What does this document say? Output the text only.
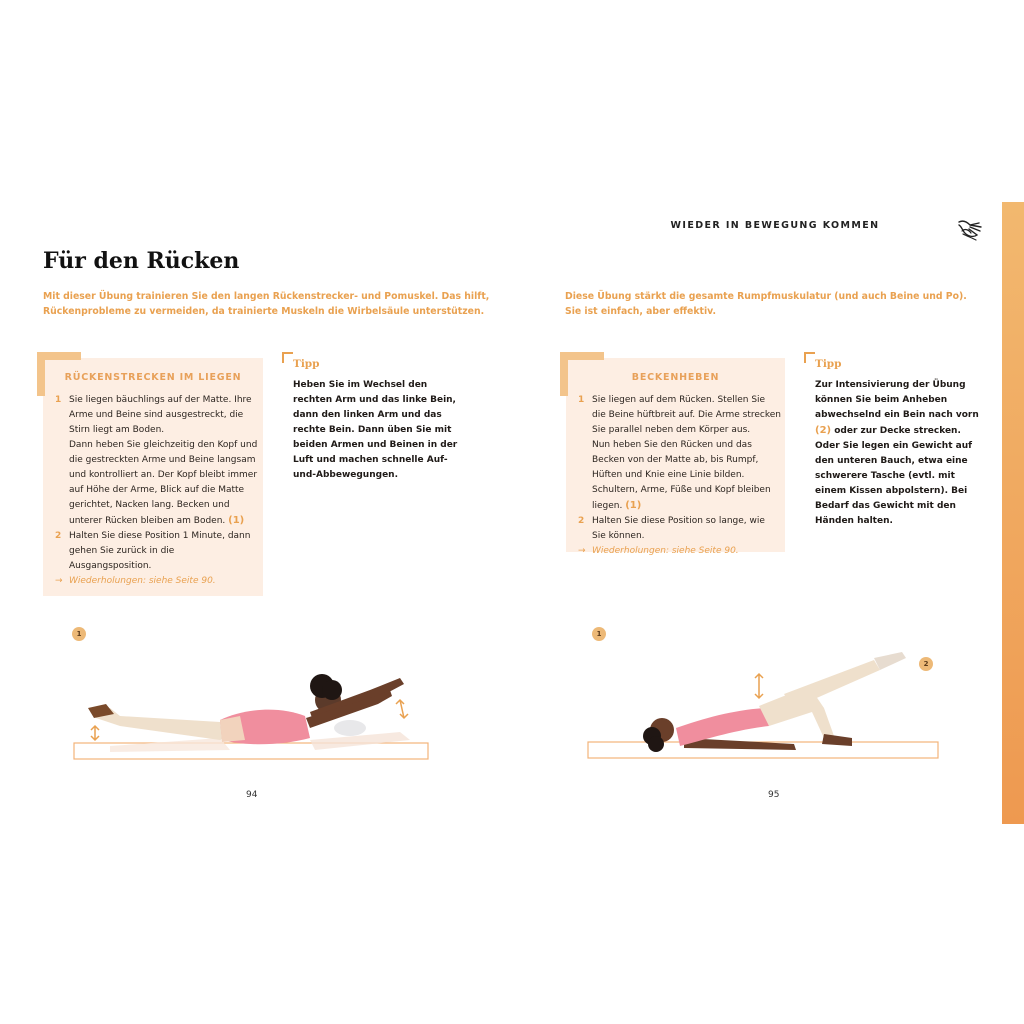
WIEDER IN BEWEGUNG KOMMEN
Für den Rücken
Mit dieser Übung trainieren Sie den langen Rückenstrecker- und Pomuskel. Das hilft, Rückenprobleme zu vermeiden, da trainierte Muskeln die Wirbelsäule unterstützen.
RÜCKENSTRECKEN IM LIEGEN
1 Sie liegen bäuchlings auf der Matte. Ihre Arme und Beine sind ausgestreckt, die Stirn liegt am Boden.
Dann heben Sie gleichzeitig den Kopf und die gestreckten Arme und Beine langsam und kontrolliert an. Der Kopf bleibt immer auf Höhe der Arme, Blick auf die Matte gerichtet, Nacken lang. Becken und unterer Rücken bleiben am Boden. (1)
2 Halten Sie diese Position 1 Minute, dann gehen Sie zurück in die Ausgangsposition.
→ Wiederholungen: siehe Seite 90.
Tipp
Heben Sie im Wechsel den rechten Arm und das linke Bein, dann den linken Arm und das rechte Bein. Dann üben Sie mit beiden Armen und Beinen in der Luft und machen schnelle Auf-und-Abbewegungen.
1
94
Diese Übung stärkt die gesamte Rumpfmuskulatur (und auch Beine und Po). Sie ist einfach, aber effektiv.
BECKENHEBEN
1 Sie liegen auf dem Rücken. Stellen Sie die Beine hüftbreit auf. Die Arme strecken Sie parallel neben dem Körper aus.
Nun heben Sie den Rücken und das Becken von der Matte ab, bis Rumpf, Hüften und Knie eine Linie bilden. Schultern, Arme, Füße und Kopf bleiben liegen. (1)
2 Halten Sie diese Position so lange, wie Sie können.
→ Wiederholungen: siehe Seite 90.
Tipp
Zur Intensivierung der Übung können Sie beim Anheben abwechselnd ein Bein nach vorn (2) oder zur Decke strecken. Oder Sie legen ein Gewicht auf den unteren Bauch, etwa eine schwerere Tasche (evtl. mit einem Kissen abpolstern). Bei Bedarf das Gewicht mit den Händen halten.
1
2
95
